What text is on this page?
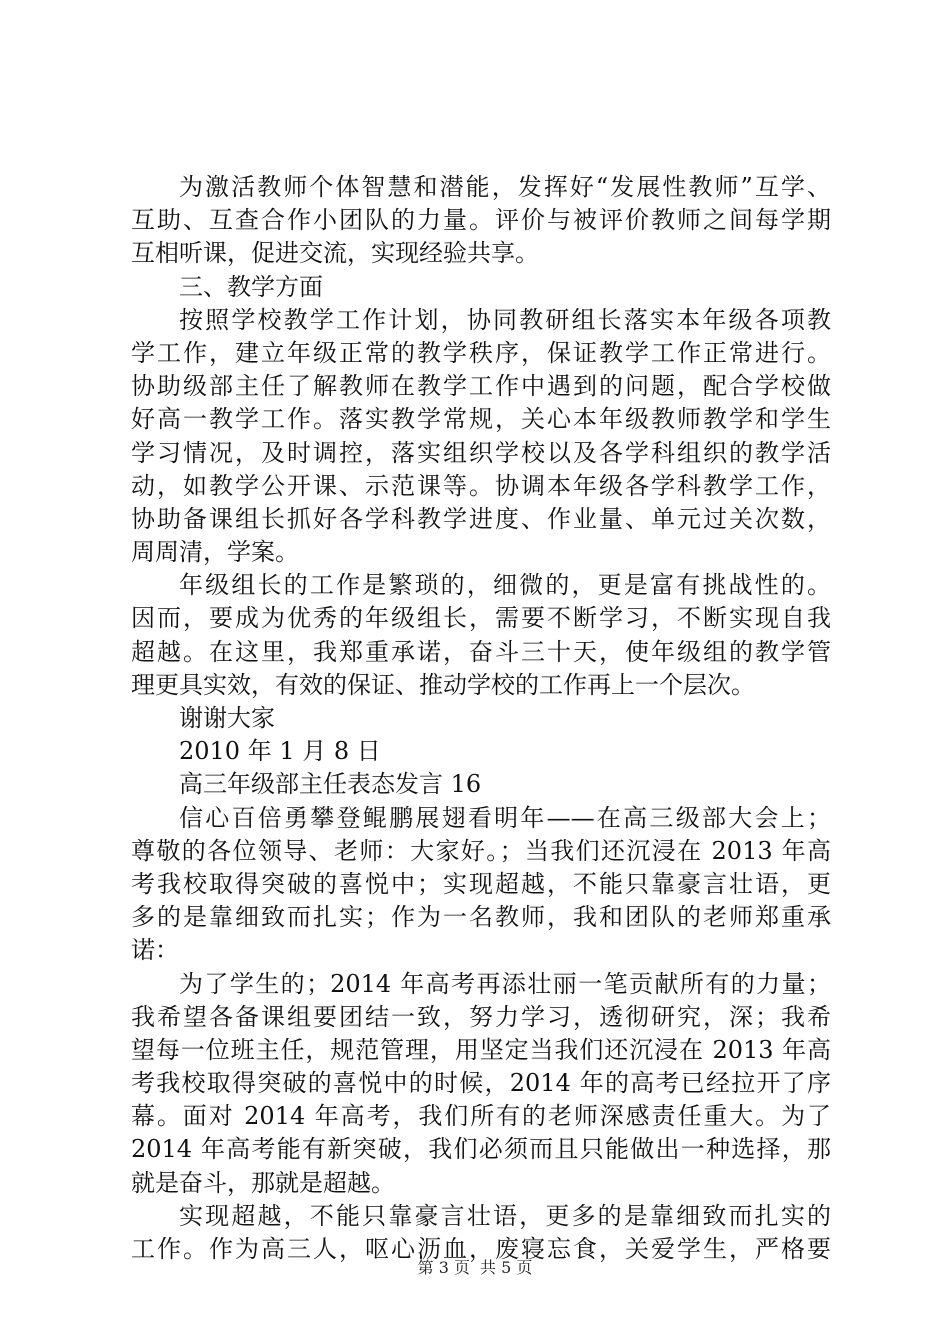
为激活教师个体智慧和潜能，发挥好“发展性教师”互学、
互助、互查合作小团队的力量。评价与被评价教师之间每学期
互相听课，促进交流，实现经验共享。
三、教学方面
按照学校教学工作计划，协同教研组长落实本年级各项教
学工作，建立年级正常的教学秩序，保证教学工作正常进行。
协助级部主任了解教师在教学工作中遇到的问题，配合学校做
好高一教学工作。落实教学常规，关心本年级教师教学和学生
学习情况，及时调控，落实组织学校以及各学科组织的教学活
动，如教学公开课、示范课等。协调本年级各学科教学工作，
协助备课组长抓好各学科教学进度、作业量、单元过关次数，
周周清，学案。
年级组长的工作是繁琐的，细微的，更是富有挑战性的。
因而，要成为优秀的年级组长，需要不断学习，不断实现自我
超越。在这里，我郑重承诺，奋斗三十天，使年级组的教学管
理更具实效，有效的保证、推动学校的工作再上一个层次。
谢谢大家
2010 年 1 月 8 日
高三年级部主任表态发言 16
信心百倍勇攀登鲲鹏展翅看明年——在高三级部大会上；
尊敬的各位领导、老师：大家好。；当我们还沉浸在 2013 年高
考我校取得突破的喜悦中；实现超越，不能只靠豪言壮语，更
多的是靠细致而扎实；作为一名教师，我和团队的老师郑重承
诺：
为了学生的；2014 年高考再添壮丽一笔贡献所有的力量；
我希望各备课组要团结一致，努力学习，透彻研究，深；我希
望每一位班主任，规范管理，用坚定当我们还沉浸在 2013 年高
考我校取得突破的喜悦中的时候，2014 年的高考已经拉开了序
幕。面对 2014 年高考，我们所有的老师深感责任重大。为了
2014 年高考能有新突破，我们必须而且只能做出一种选择，那
就是奋斗，那就是超越。
实现超越，不能只靠豪言壮语，更多的是靠细致而扎实的
工作。作为高三人，呕心沥血，废寝忘食，关爱学生，严格要
第 3 页 共 5 页
